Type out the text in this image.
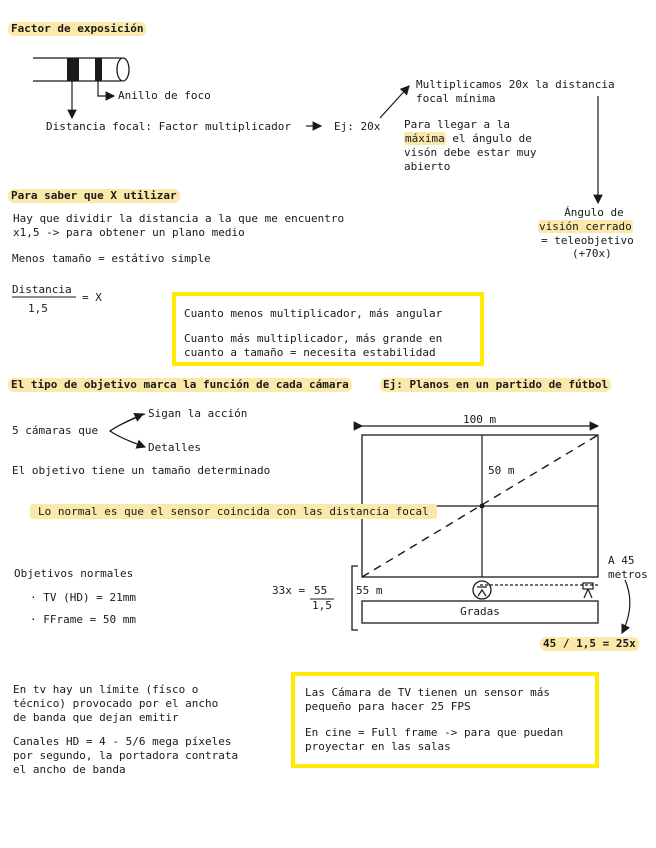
Factor de exposición
Anillo de foco
Distancia focal: Factor multiplicador	Ej: 20x
Multiplicamos 20x la distancia
focal mínima
Para llegar a la
máxima el ángulo de
visón debe estar muy
abierto
Ángulo de
visión cerrado
= teleobjetivo
(+70x)
Para saber que X utilizar
Hay que dividir la distancia a la que me encuentro
x1,5 -> para obtener un plano medio
Menos tamaño = estátivo simple
Distancia
1,5
= X
Cuanto menos multiplicador, más angular
Cuanto más multiplicador, más grande en
cuanto a tamaño = necesita estabilidad
El tipo de objetivo marca la función de cada cámara	Ej: Planos en un partido de fútbol
5 cámaras que
Sigan la acción
Detalles
El objetivo tiene un tamaño determinado
Lo normal es que el sensor coincida con las distancia focal
Objetivos normales
· TV (HD) = 21mm
· FFrame = 50 mm
100 m
50 m
A 45
metros
55 m
Gradas
33x = 55
1,5
45 / 1,5 = 25x
En tv hay un límite (físco o
técnico) provocado por el ancho
de banda que dejan emitir
Canales HD = 4 - 5/6 mega píxeles
por segundo, la portadora contrata
el ancho de banda
Las Cámara de TV tienen un sensor más
pequeño para hacer 25 FPS
En cine = Full frame -> para que puedan
proyectar en las salas
